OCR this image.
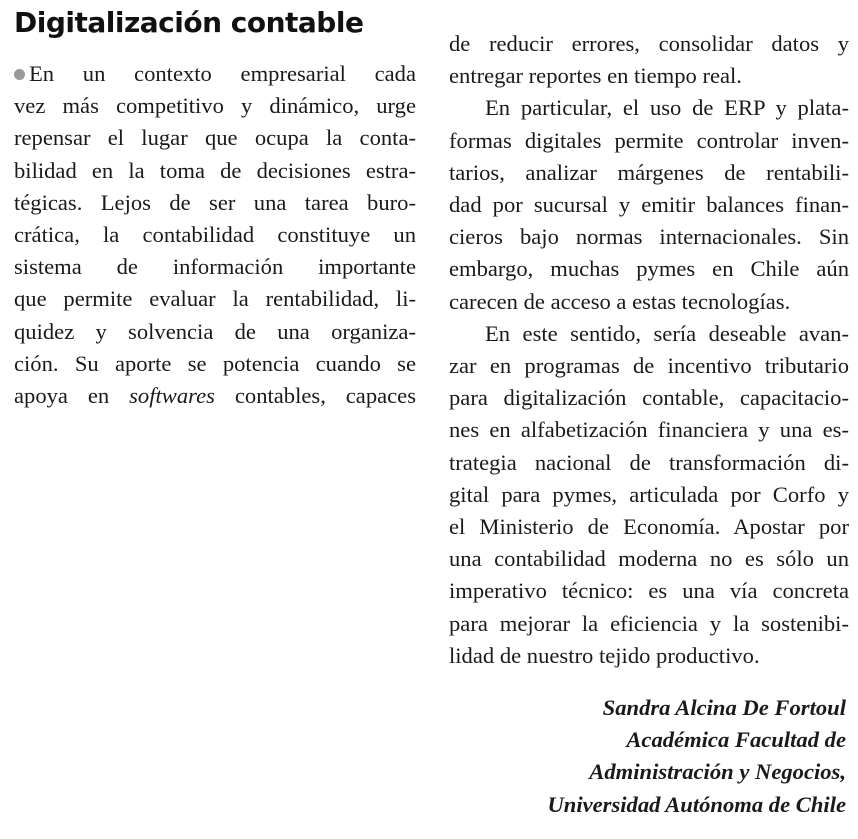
Digitalización contable
En un contexto empresarial cada
vez más competitivo y dinámico, urge
repensar el lugar que ocupa la conta-
bilidad en la toma de decisiones estra-
tégicas. Lejos de ser una tarea buro-
crática, la contabilidad constituye un
sistema de información importante
que permite evaluar la rentabilidad, li-
quidez y solvencia de una organiza-
ción. Su aporte se potencia cuando se
apoya en softwares contables, capaces
de reducir errores, consolidar datos y
entregar reportes en tiempo real.
En particular, el uso de ERP y plata-
formas digitales permite controlar inven-
tarios, analizar márgenes de rentabili-
dad por sucursal y emitir balances finan-
cieros bajo normas internacionales. Sin
embargo, muchas pymes en Chile aún
carecen de acceso a estas tecnologías.
En este sentido, sería deseable avan-
zar en programas de incentivo tributario
para digitalización contable, capacitacio-
nes en alfabetización financiera y una es-
trategia nacional de transformación di-
gital para pymes, articulada por Corfo y
el Ministerio de Economía. Apostar por
una contabilidad moderna no es sólo un
imperativo técnico: es una vía concreta
para mejorar la eficiencia y la sostenibi-
lidad de nuestro tejido productivo.
Sandra Alcina De Fortoul
Académica Facultad de
Administración y Negocios,
Universidad Autónoma de Chile
